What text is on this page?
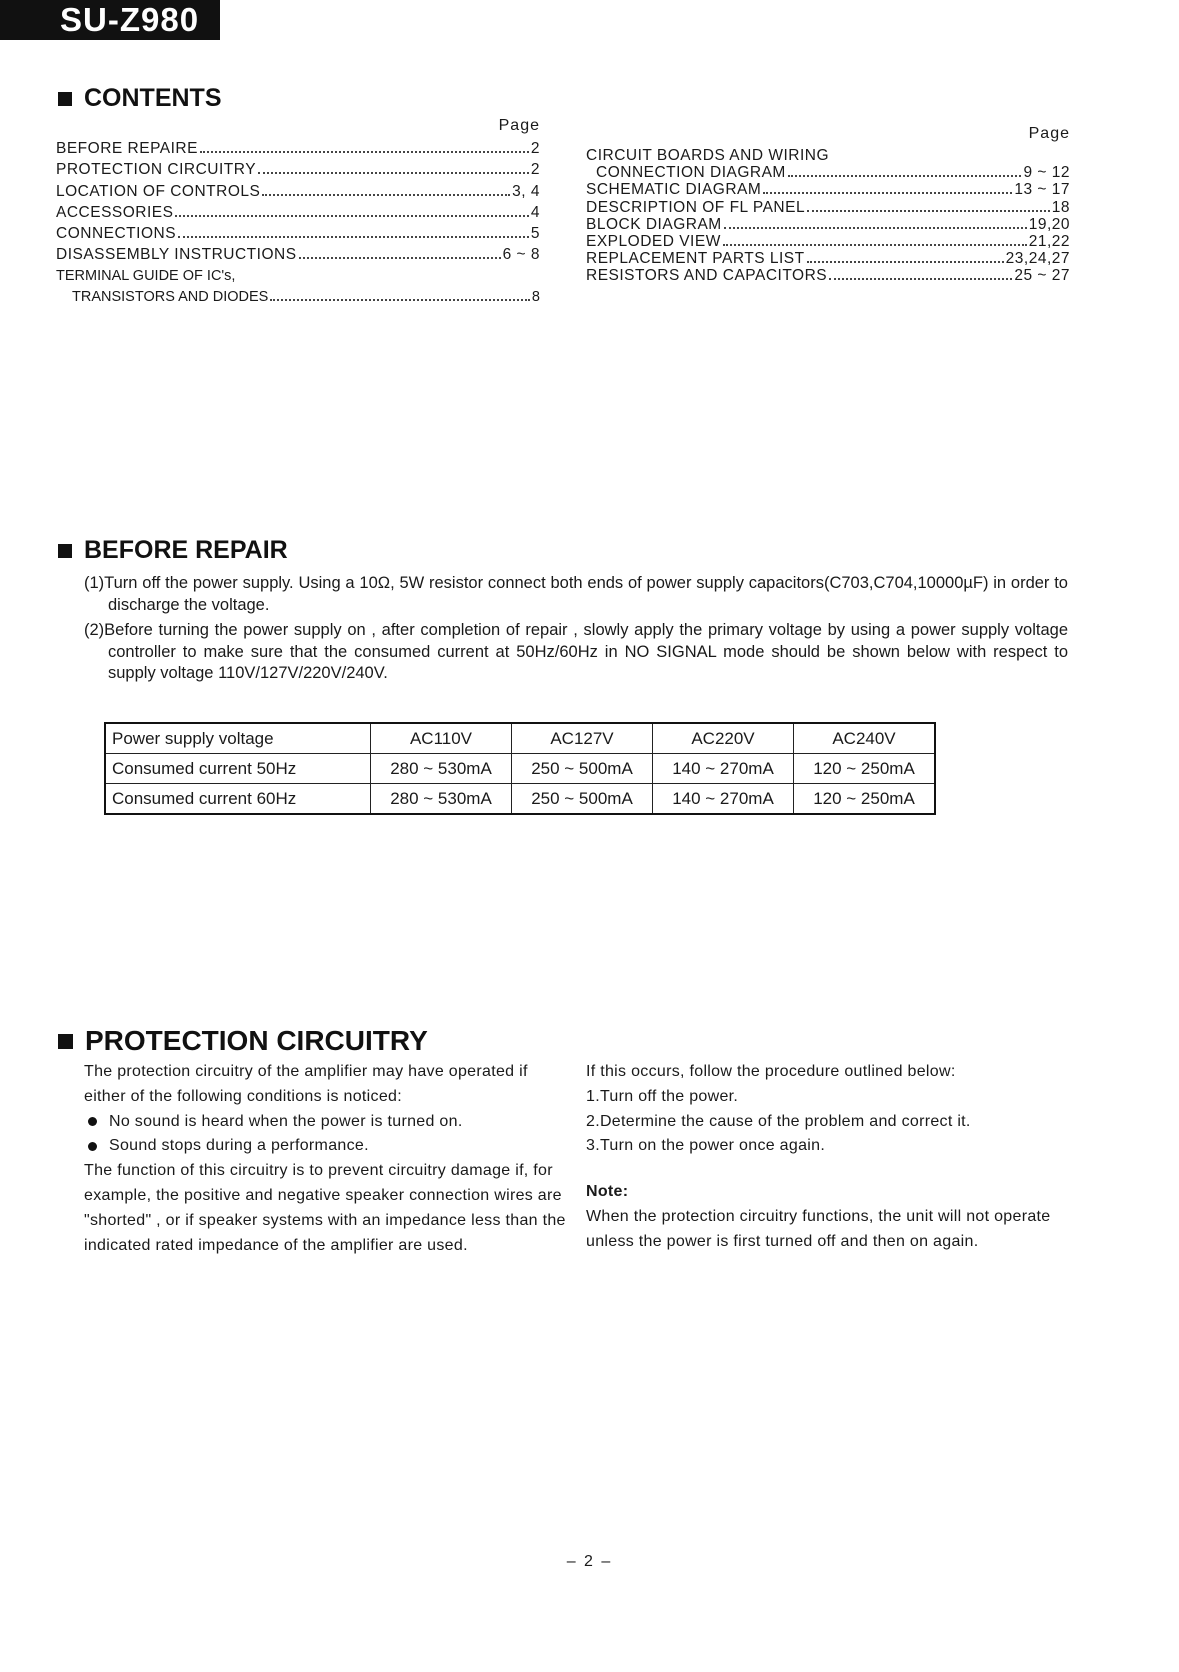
SU-Z980
CONTENTS
Page
BEFORE REPAIRE	2
PROTECTION CIRCUITRY	2
LOCATION OF CONTROLS	3, 4
ACCESSORIES	4
CONNECTIONS	5
DISASSEMBLY INSTRUCTIONS	6 ~ 8
TERMINAL GUIDE OF IC's,
TRANSISTORS AND DIODES	8
Page
CIRCUIT BOARDS AND WIRING
CONNECTION DIAGRAM	9 ~ 12
SCHEMATIC DIAGRAM	13 ~ 17
DESCRIPTION OF FL PANEL	18
BLOCK DIAGRAM	19,20
EXPLODED VIEW	21,22
REPLACEMENT PARTS LIST	23,24,27
RESISTORS AND CAPACITORS	25 ~ 27
BEFORE REPAIR

(1)Turn off the power supply. Using a 10Ω, 5W resistor connect both ends of power supply capacitors(C703,C704,10000µF) in order to discharge the voltage.

(2)Before turning the power supply on , after completion of repair , slowly apply the primary voltage by using a power supply voltage controller to make sure that the consumed current at 50Hz/60Hz in NO SIGNAL mode should be shown below with respect to supply voltage 110V/127V/220V/240V.

Power supply voltage	AC110V	AC127V	AC220V	AC240V
Consumed current 50Hz	280 ~ 530mA	250 ~ 500mA	140 ~ 270mA	120 ~ 250mA
Consumed current 60Hz	280 ~ 530mA	250 ~ 500mA	140 ~ 270mA	120 ~ 250mA
PROTECTION CIRCUITRY

The protection circuitry of the amplifier may have operated if either of the following conditions is noticed:

No sound is heard when the power is turned on.
Sound stops during a performance.

The function of this circuitry is to prevent circuitry damage if, for example, the positive and negative speaker connection wires are "shorted" , or if speaker systems with an impedance less than the indicated rated impedance of the amplifier are used.

If this occurs, follow the procedure outlined below:

1.Turn off the power.

2.Determine the cause of the problem and correct it.

3.Turn on the power once again.

Note:

When the protection circuitry functions, the unit will not operate unless the power is first turned off and then on again.

– 2 –
